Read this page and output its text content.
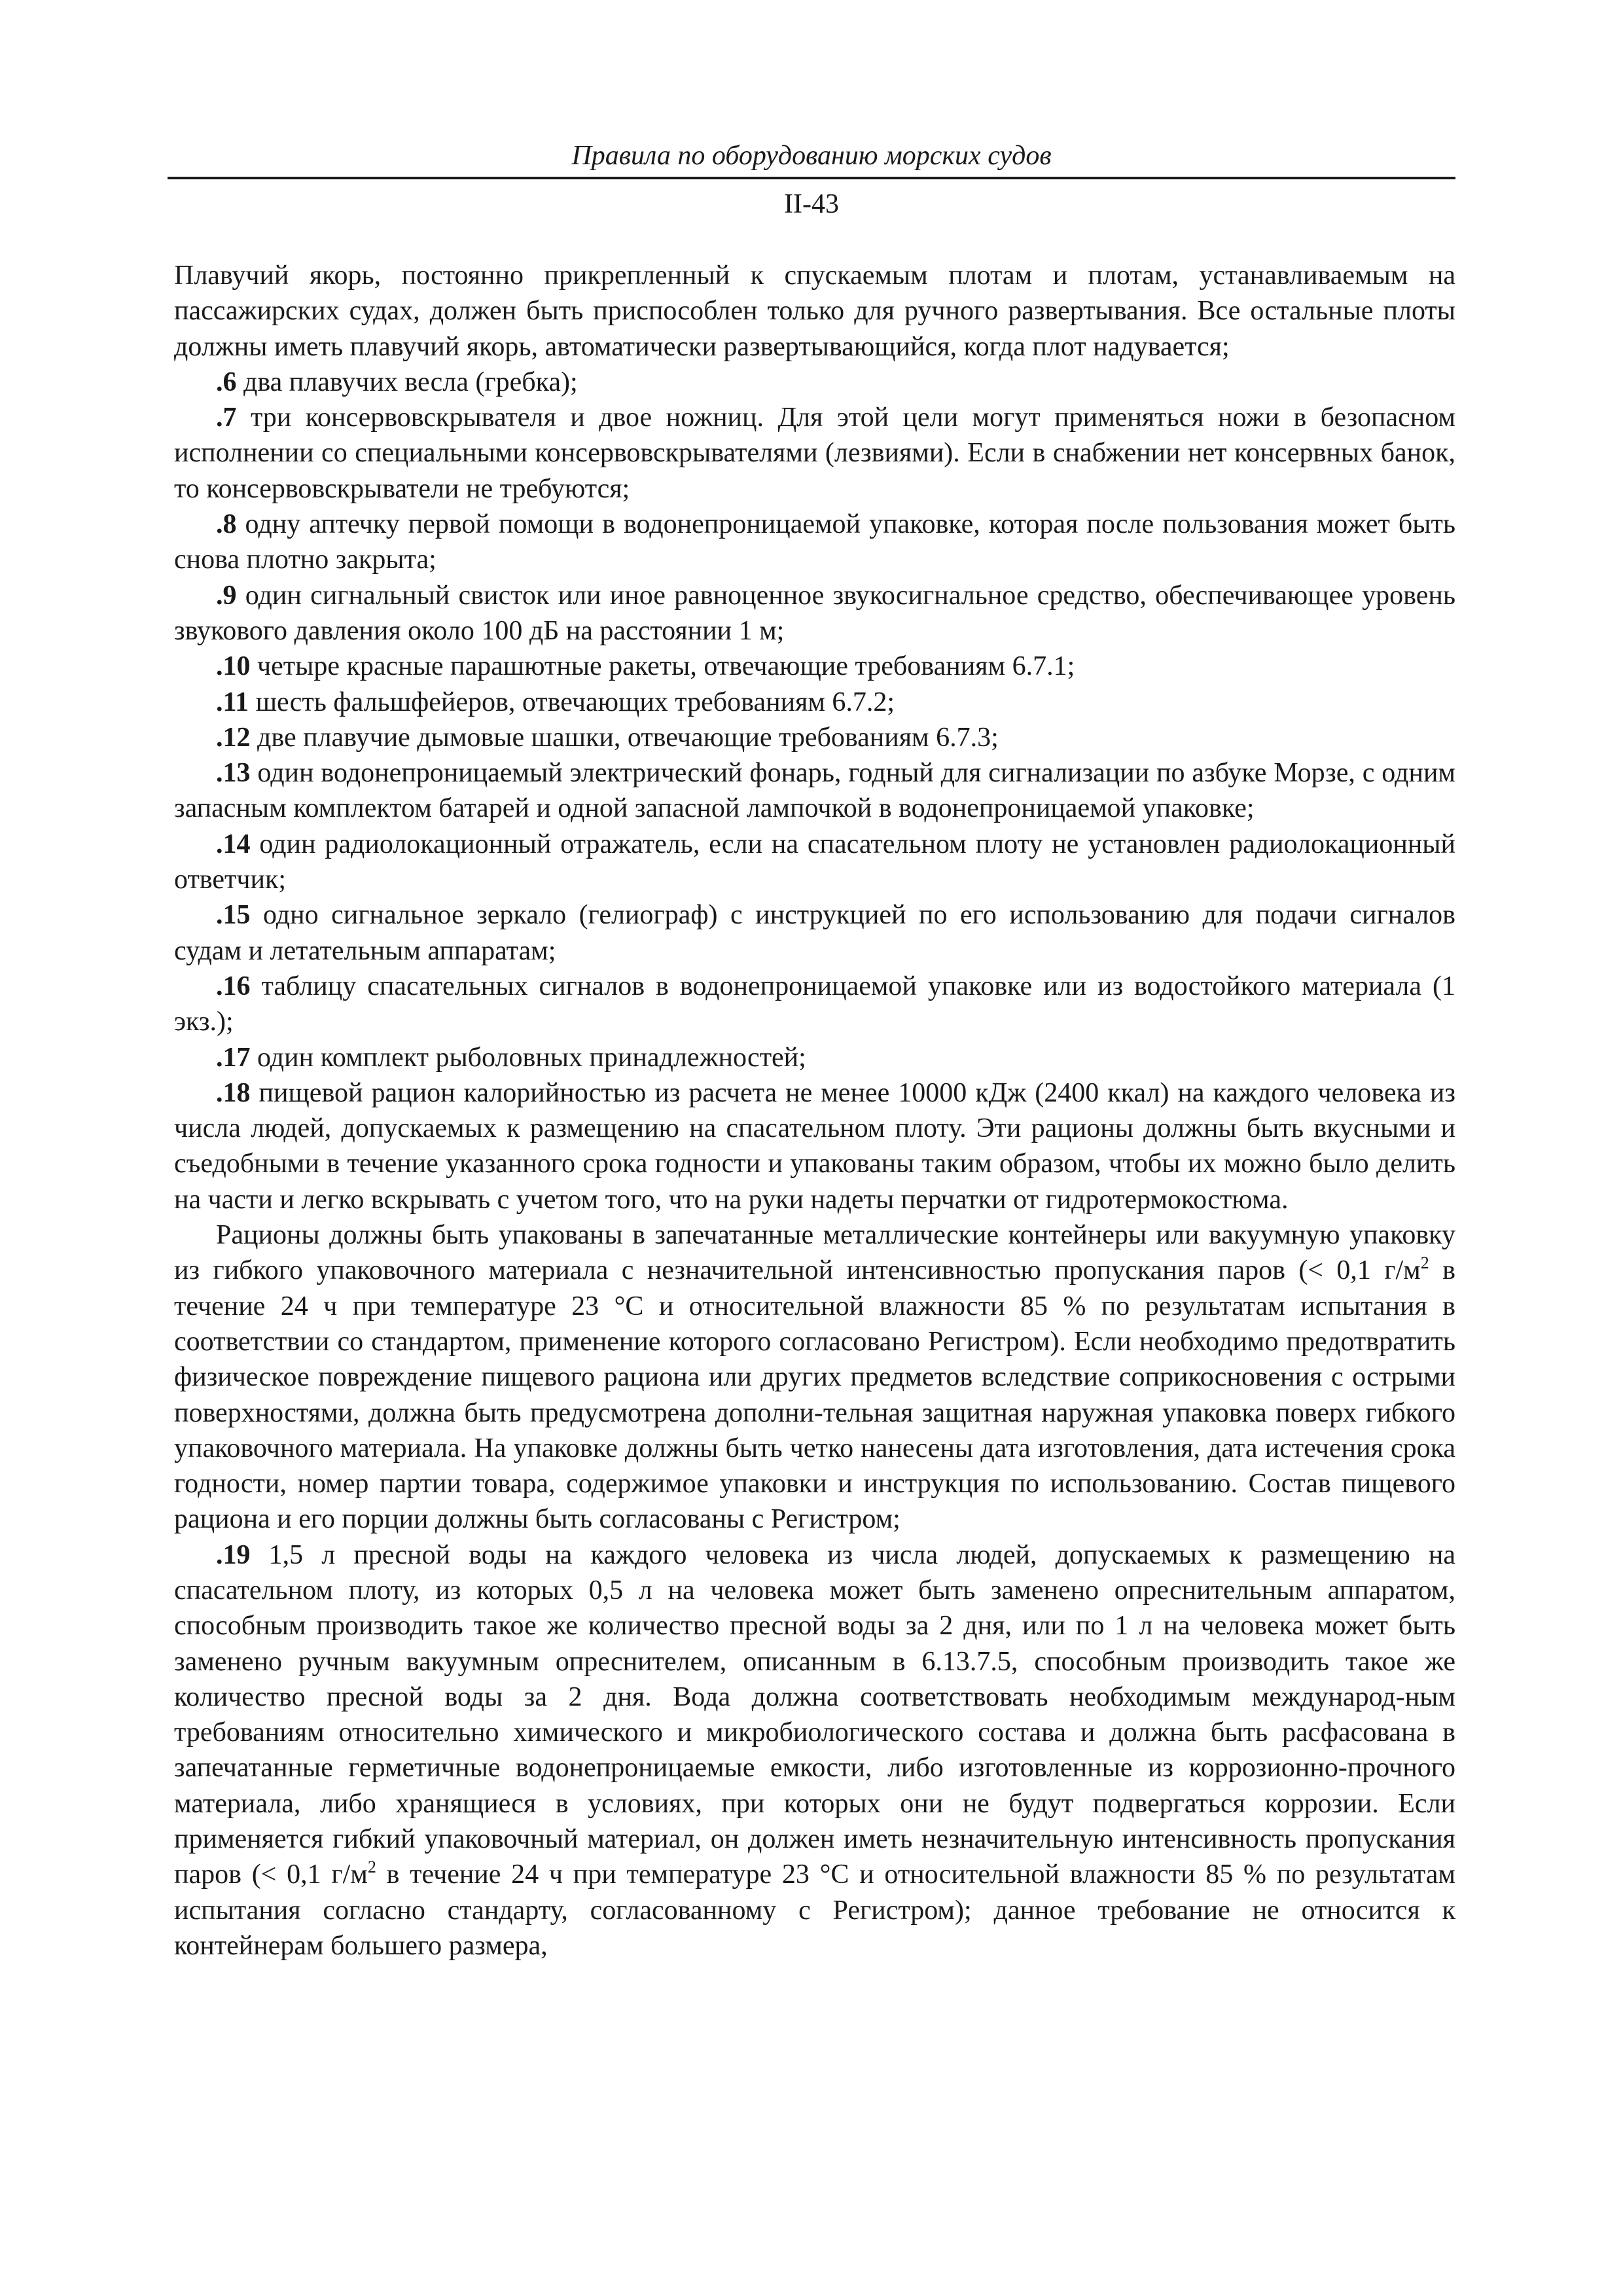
Правила по оборудованию морских судов
II-43

Плавучий якорь, постоянно прикрепленный к спускаемым плотам и плотам, устанавливаемым на пассажирских судах, должен быть приспособлен только для ручного развертывания. Все остальные плоты должны иметь плавучий якорь, автоматически развертывающийся, когда плот надувается;

.6 два плавучих весла (гребка);

.7 три консервовскрывателя и двое ножниц. Для этой цели могут применяться ножи в безопасном исполнении со специальными консервовскрывателями (лезвиями). Если в снабжении нет консервных банок, то консервовскрыватели не требуются;

.8 одну аптечку первой помощи в водонепроницаемой упаковке, которая после пользования может быть снова плотно закрыта;

.9 один сигнальный свисток или иное равноценное звукосигнальное средство, обеспечивающее уровень звукового давления около 100 дБ на расстоянии 1 м;

.10 четыре красные парашютные ракеты, отвечающие требованиям 6.7.1;

.11 шесть фальшфейеров, отвечающих требованиям 6.7.2;

.12 две плавучие дымовые шашки, отвечающие требованиям 6.7.3;

.13 один водонепроницаемый электрический фонарь, годный для сигнализации по азбуке Морзе, с одним запасным комплектом батарей и одной запасной лампочкой в водонепроницаемой упаковке;

.14 один радиолокационный отражатель, если на спасательном плоту не установлен радиолокационный ответчик;

.15 одно сигнальное зеркало (гелиограф) с инструкцией по его использованию для подачи сигналов судам и летательным аппаратам;

.16 таблицу спасательных сигналов в водонепроницаемой упаковке или из водостойкого материала (1 экз.);

.17 один комплект рыболовных принадлежностей;

.18 пищевой рацион калорийностью из расчета не менее 10000 кДж (2400 ккал) на каждого человека из числа людей, допускаемых к размещению на спасательном плоту. Эти рационы должны быть вкусными и съедобными в течение указанного срока годности и упакованы таким образом, чтобы их можно было делить на части и легко вскрывать с учетом того, что на руки надеты перчатки от гидротермокостюма.

Рационы должны быть упакованы в запечатанные металлические контейнеры или вакуумную упаковку из гибкого упаковочного материала с незначительной интенсивностью пропускания паров (< 0,1 $г/м^2$ в течение 24 ч при температуре 23 °С и относительной влажности 85 % по результатам испытания в соответствии со стандартом, применение которого согласовано Регистром). Если необходимо предотвратить физическое повреждение пищевого рациона или других предметов вследствие соприкосновения с острыми поверхностями, должна быть предусмотрена дополни-тельная защитная наружная упаковка поверх гибкого упаковочного материала. На упаковке должны быть четко нанесены дата изготовления, дата истечения срока годности, номер партии товара, содержимое упаковки и инструкция по использованию. Состав пищевого рациона и его порции должны быть согласованы с Регистром;

.19 1,5 л пресной воды на каждого человека из числа людей, допускаемых к размещению на спасательном плоту, из которых 0,5 л на человека может быть заменено опреснительным аппаратом, способным производить такое же количество пресной воды за 2 дня, или по 1 л на человека может быть заменено ручным вакуумным опреснителем, описанным в 6.13.7.5, способным производить такое же количество пресной воды за 2 дня. Вода должна соответствовать необходимым международ-ным требованиям относительно химического и микробиологического состава и должна быть расфасована в запечатанные герметичные водонепроницаемые емкости, либо изготовленные из коррозионно-прочного материала, либо хранящиеся в условиях, при которых они не будут подвергаться коррозии. Если применяется гибкий упаковочный материал, он должен иметь незначительную интенсивность пропускания паров (< 0,1 $г/м^2$ в течение 24 ч при температуре 23 °С и относительной влажности 85 % по результатам испытания согласно стандарту, согласованному с Регистром); данное требование не относится к контейнерам большего размера,
